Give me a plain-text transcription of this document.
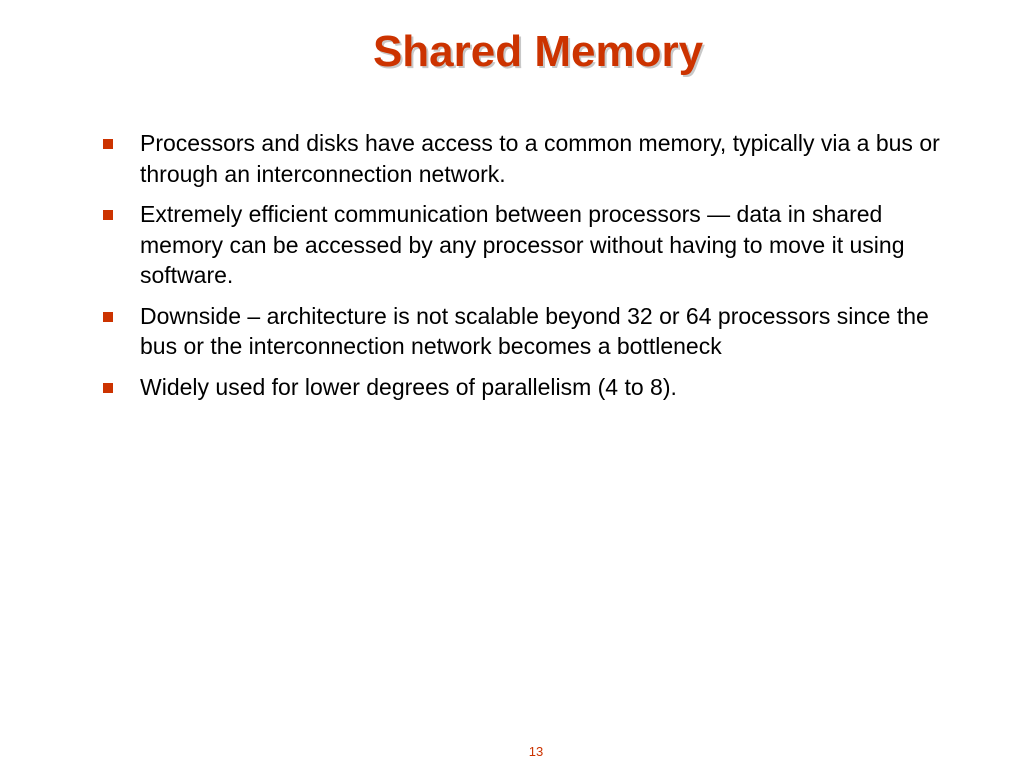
Shared Memory
Processors and disks have access to a common memory, typically via a bus or through an interconnection network.
Extremely efficient communication between processors — data in shared memory can be accessed by any processor without having to move it using software.
Downside – architecture is not scalable beyond 32 or 64 processors since the bus or the interconnection network becomes a bottleneck
Widely used for lower degrees of parallelism (4 to 8).
13
